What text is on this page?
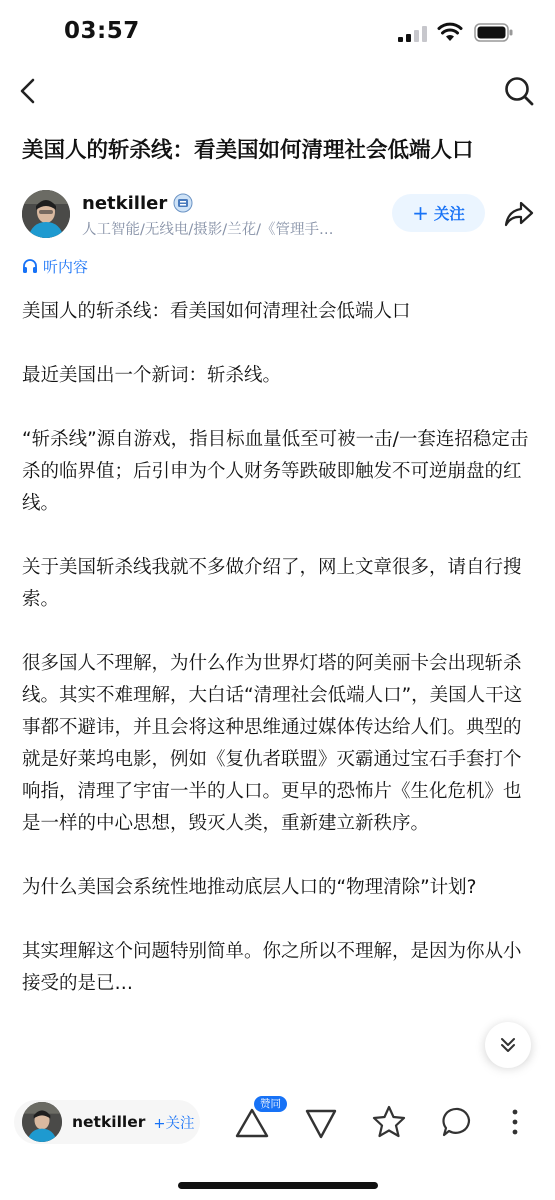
03:57
美国人的斩杀线：看美国如何清理社会低端人口
netkiller
人工智能/无线电/摄影/兰花/《管理手…
+ 关注
听内容

美国人的斩杀线：看美国如何清理社会低端人口

最近美国出一个新词：斩杀线。

“斩杀线”源自游戏，指目标血量低至可被一击/一套连招稳定击杀的临界值；后引申为个人财务等跌破即触发不可逆崩盘的红线。

关于美国斩杀线我就不多做介绍了，网上文章很多，请自行搜索。

很多国人不理解，为什么作为世界灯塔的阿美丽卡会出现斩杀线。其实不难理解，大白话“清理社会低端人口”，美国人干这事都不避讳，并且会将这种思维通过媒体传达给人们。典型的就是好莱坞电影，例如《复仇者联盟》灭霸通过宝石手套打个响指，清理了宇宙一半的人口。更早的恐怖片《生化危机》也是一样的中心思想，毁灭人类，重新建立新秩序。

为什么美国会系统性地推动底层人口的“物理清除”计划?

其实理解这个问题特别简单。你之所以不理解，是因为你从小接受的是已…

netkiller +关注
赞同
